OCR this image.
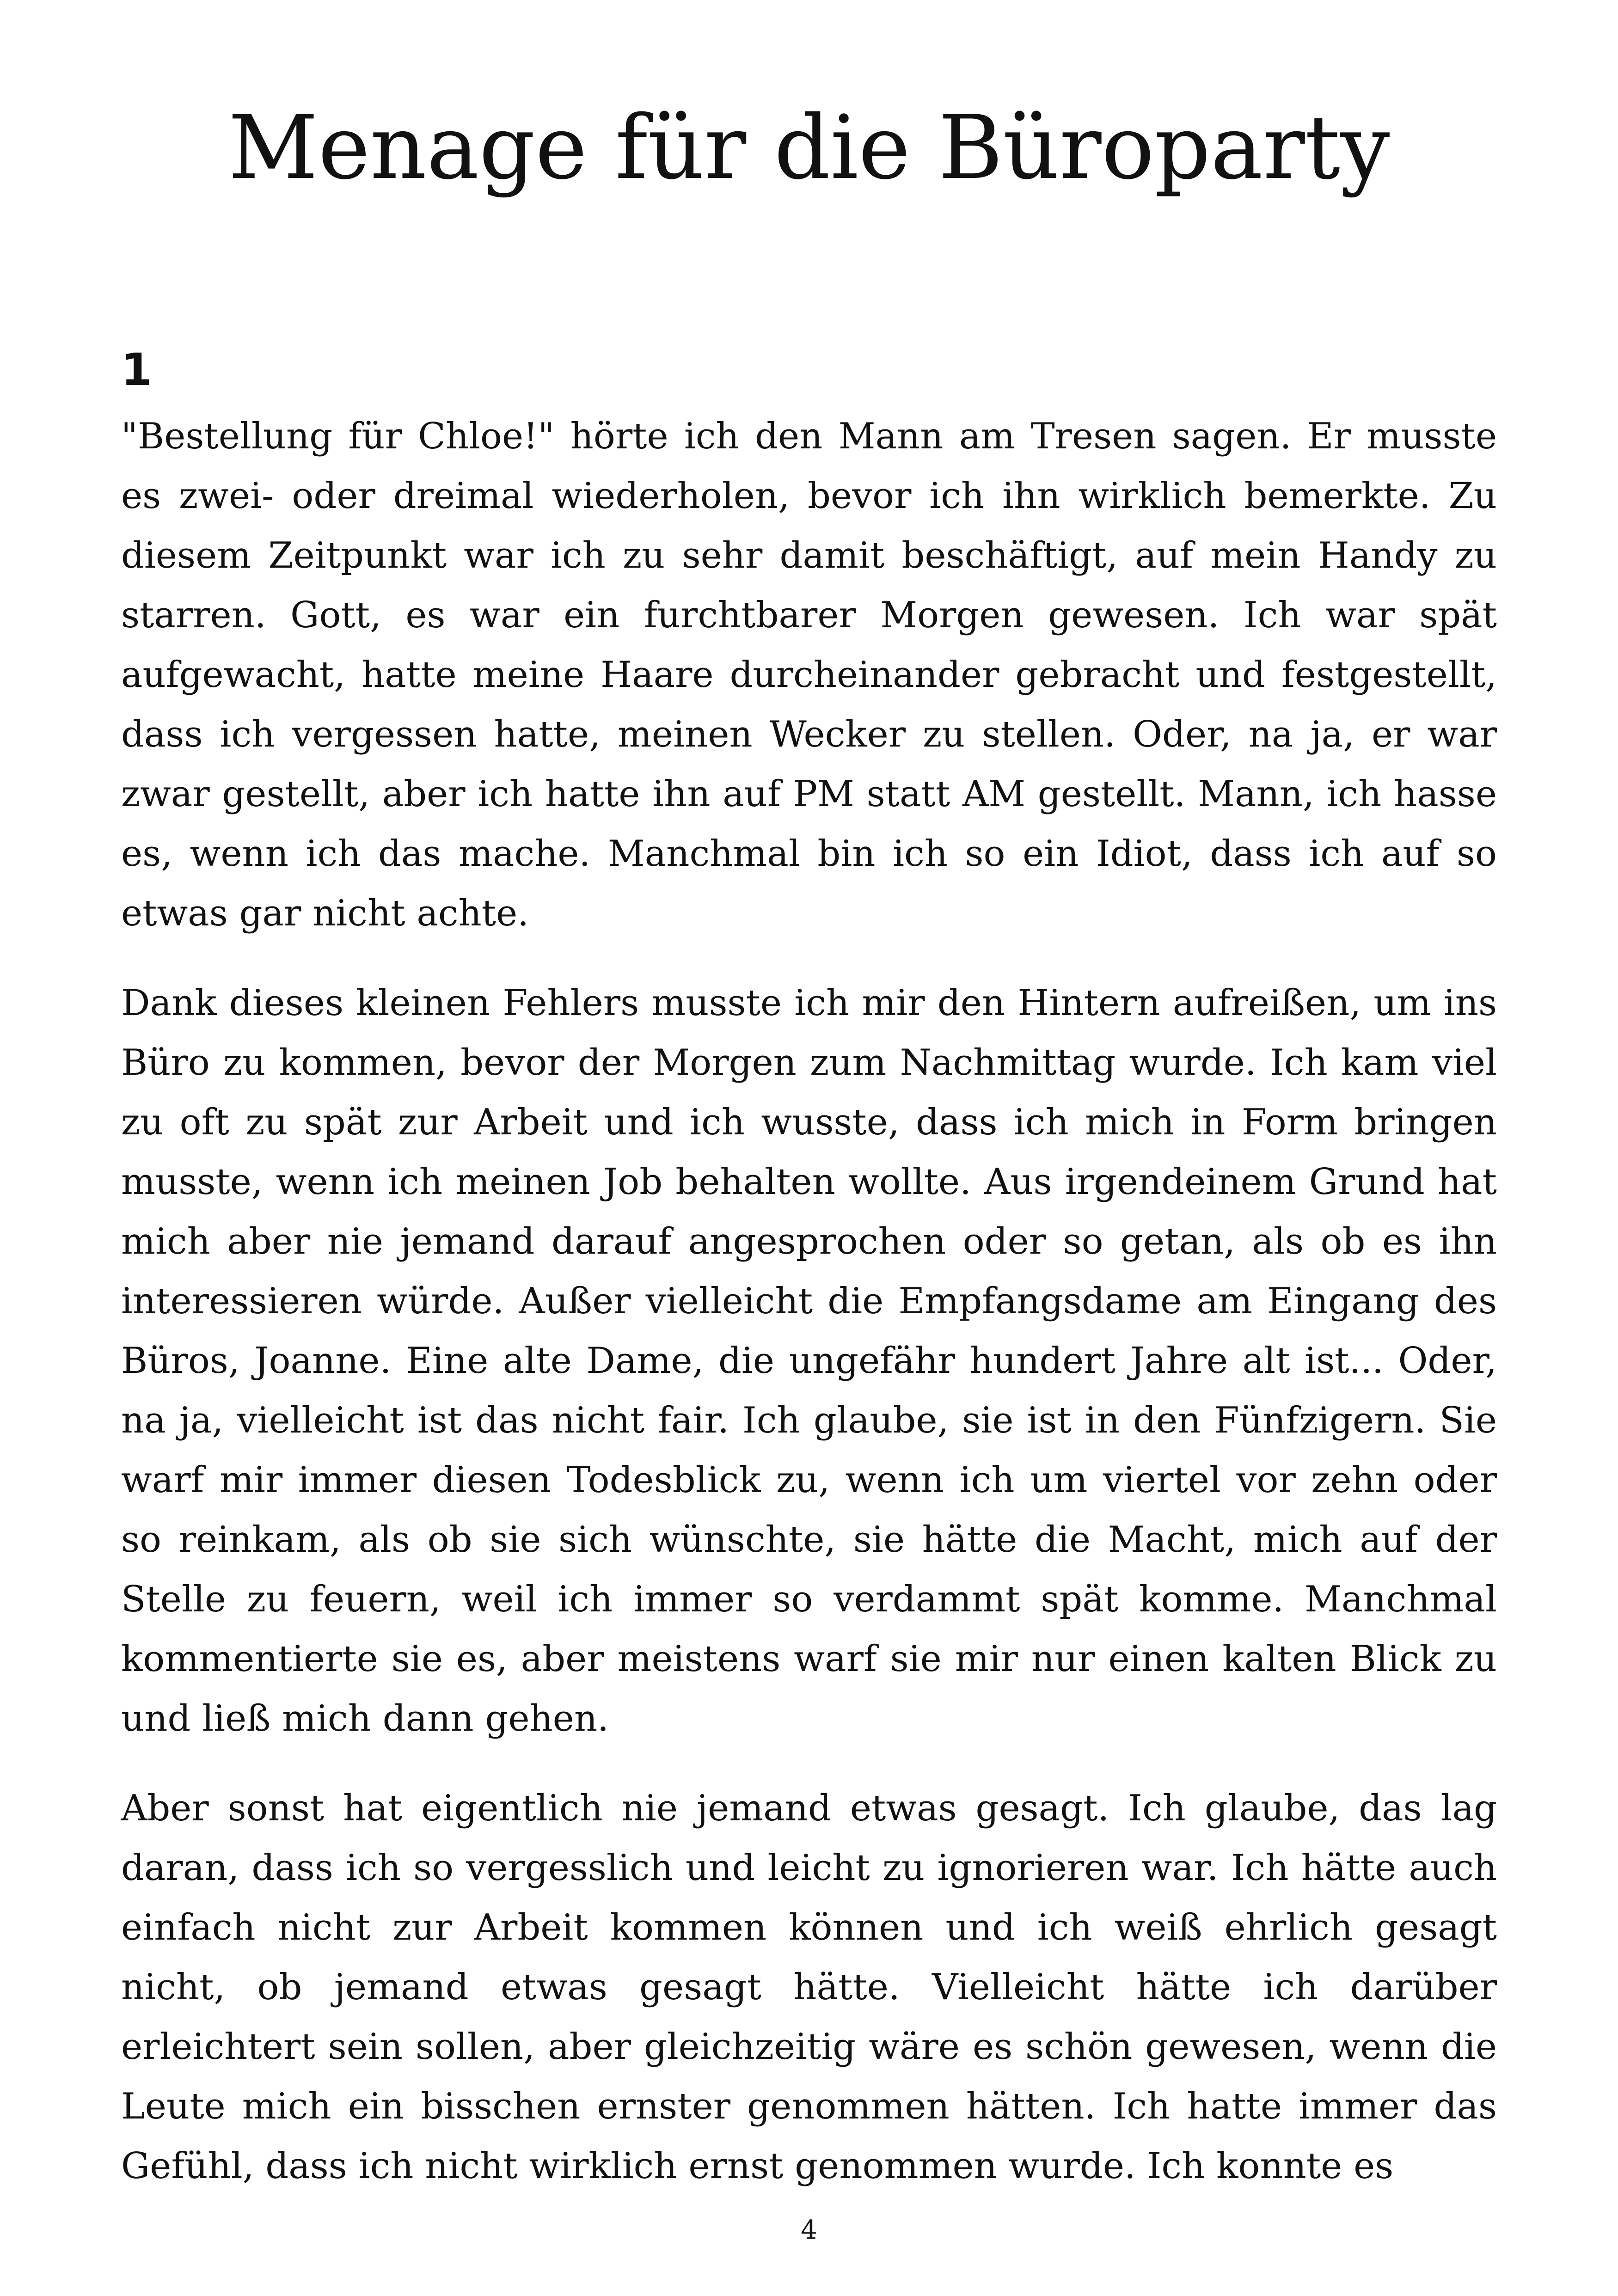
Menage für die Büroparty
1

"Bestellung für Chloe!" hörte ich den Mann am Tresen sagen. Er musste es zwei- oder dreimal wiederholen, bevor ich ihn wirklich bemerkte. Zu diesem Zeitpunkt war ich zu sehr damit beschäftigt, auf mein Handy zu starren. Gott, es war ein furchtbarer Morgen gewesen. Ich war spät aufgewacht, hatte meine Haare durcheinander gebracht und festgestellt, dass ich vergessen hatte, meinen Wecker zu stellen. Oder, na ja, er war zwar gestellt, aber ich hatte ihn auf PM statt AM gestellt. Mann, ich hasse es, wenn ich das mache. Manchmal bin ich so ein Idiot, dass ich auf so etwas gar nicht achte.

Dank dieses kleinen Fehlers musste ich mir den Hintern aufreißen, um ins Büro zu kommen, bevor der Morgen zum Nachmittag wurde. Ich kam viel zu oft zu spät zur Arbeit und ich wusste, dass ich mich in Form bringen musste, wenn ich meinen Job behalten wollte. Aus irgendeinem Grund hat mich aber nie jemand darauf angesprochen oder so getan, als ob es ihn interessieren würde. Außer vielleicht die Empfangsdame am Eingang des Büros, Joanne. Eine alte Dame, die ungefähr hundert Jahre alt ist... Oder, na ja, vielleicht ist das nicht fair. Ich glaube, sie ist in den Fünfzigern. Sie warf mir immer diesen Todesblick zu, wenn ich um viertel vor zehn oder so reinkam, als ob sie sich wünschte, sie hätte die Macht, mich auf der Stelle zu feuern, weil ich immer so verdammt spät komme. Manchmal kommentierte sie es, aber meistens warf sie mir nur einen kalten Blick zu und ließ mich dann gehen.

Aber sonst hat eigentlich nie jemand etwas gesagt. Ich glaube, das lag daran, dass ich so vergesslich und leicht zu ignorieren war. Ich hätte auch einfach nicht zur Arbeit kommen können und ich weiß ehrlich gesagt nicht, ob jemand etwas gesagt hätte. Vielleicht hätte ich darüber erleichtert sein sollen, aber gleichzeitig wäre es schön gewesen, wenn die Leute mich ein bisschen ernster genommen hätten. Ich hatte immer das Gefühl, dass ich nicht wirklich ernst genommen wurde. Ich konnte es

4
